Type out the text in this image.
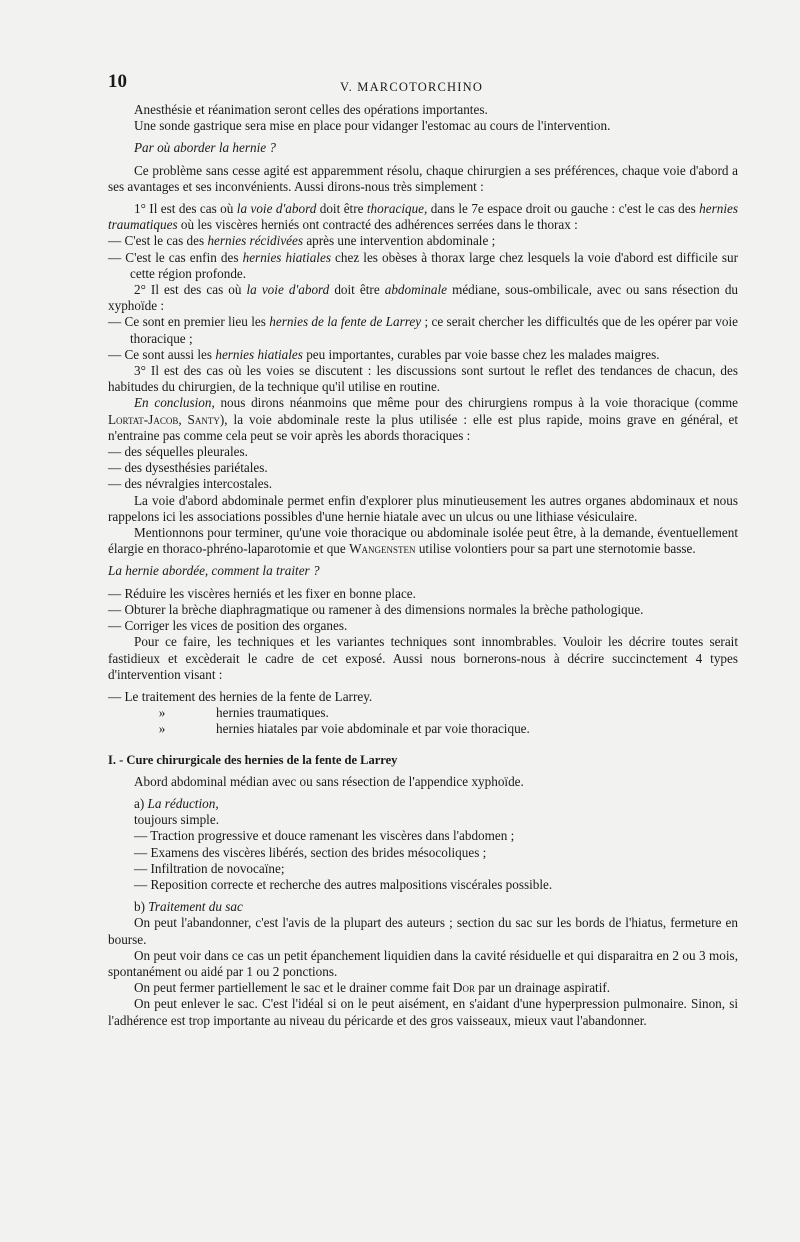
10	V. MARCOTORCHINO

Anesthésie et réanimation seront celles des opérations importantes.

Une sonde gastrique sera mise en place pour vidanger l'estomac au cours de l'intervention.

Par où aborder la hernie ?

Ce problème sans cesse agité est apparemment résolu, chaque chirurgien a ses préférences, chaque voie d'abord a ses avantages et ses inconvénients. Aussi dirons-nous très simplement :

1° Il est des cas où la voie d'abord doit être thoracique, dans le 7e espace droit ou gauche : c'est le cas des hernies traumatiques où les viscères herniés ont contracté des adhérences serrées dans le thorax :

— C'est le cas des hernies récidivées après une intervention abdominale ;

— C'est le cas enfin des hernies hiatiales chez les obèses à thorax large chez lesquels la voie d'abord est difficile sur cette région profonde.

2° Il est des cas où la voie d'abord doit être abdominale médiane, sous-ombilicale, avec ou sans résection du xyphoïde :

— Ce sont en premier lieu les hernies de la fente de Larrey ; ce serait chercher les difficultés que de les opérer par voie thoracique ;

— Ce sont aussi les hernies hiatiales peu importantes, curables par voie basse chez les malades maigres.

3° Il est des cas où les voies se discutent : les discussions sont surtout le reflet des tendances de chacun, des habitudes du chirurgien, de la technique qu'il utilise en routine.

En conclusion, nous dirons néanmoins que même pour des chirurgiens rompus à la voie thoracique (comme Lortat-Jacob, Santy), la voie abdominale reste la plus utilisée : elle est plus rapide, moins grave en général, et n'entraine pas comme cela peut se voir après les abords thoraciques :

— des séquelles pleurales.

— des dysesthésies pariétales.

— des névralgies intercostales.

La voie d'abord abdominale permet enfin d'explorer plus minutieusement les autres organes abdominaux et nous rappelons ici les associations possibles d'une hernie hiatale avec un ulcus ou une lithiase vésiculaire.

Mentionnons pour terminer, qu'une voie thoracique ou abdominale isolée peut être, à la demande, éventuellement élargie en thoraco-phréno-laparotomie et que Wangensten utilise volontiers pour sa part une sternotomie basse.

La hernie abordée, comment la traiter ?

— Réduire les viscères herniés et les fixer en bonne place.

— Obturer la brèche diaphragmatique ou ramener à des dimensions normales la brèche pathologique.

— Corriger les vices de position des organes.

Pour ce faire, les techniques et les variantes techniques sont innombrables. Vouloir les décrire toutes serait fastidieux et excèderait le cadre de cet exposé. Aussi nous bornerons-nous à décrire succinctement 4 types d'intervention visant :

— Le traitement des hernies de la fente de Larrey.

»	hernies traumatiques.
»	hernies hiatales par voie abdominale et par voie thoracique.

I. - Cure chirurgicale des hernies de la fente de Larrey

Abord abdominal médian avec ou sans résection de l'appendice xyphoïde.

a) La réduction,

toujours simple.

— Traction progressive et douce ramenant les viscères dans l'abdomen ;

— Examens des viscères libérés, section des brides mésocoliques ;

— Infiltration de novocaïne;

— Reposition correcte et recherche des autres malpositions viscérales possible.

b) Traitement du sac

On peut l'abandonner, c'est l'avis de la plupart des auteurs ; section du sac sur les bords de l'hiatus, fermeture en bourse.

On peut voir dans ce cas un petit épanchement liquidien dans la cavité résiduelle et qui disparaitra en 2 ou 3 mois, spontanément ou aidé par 1 ou 2 ponctions.

On peut fermer partiellement le sac et le drainer comme fait Dor par un drainage aspiratif.

On peut enlever le sac. C'est l'idéal si on le peut aisément, en s'aidant d'une hyperpression pulmonaire. Sinon, si l'adhérence est trop importante au niveau du péricarde et des gros vaisseaux, mieux vaut l'abandonner.
